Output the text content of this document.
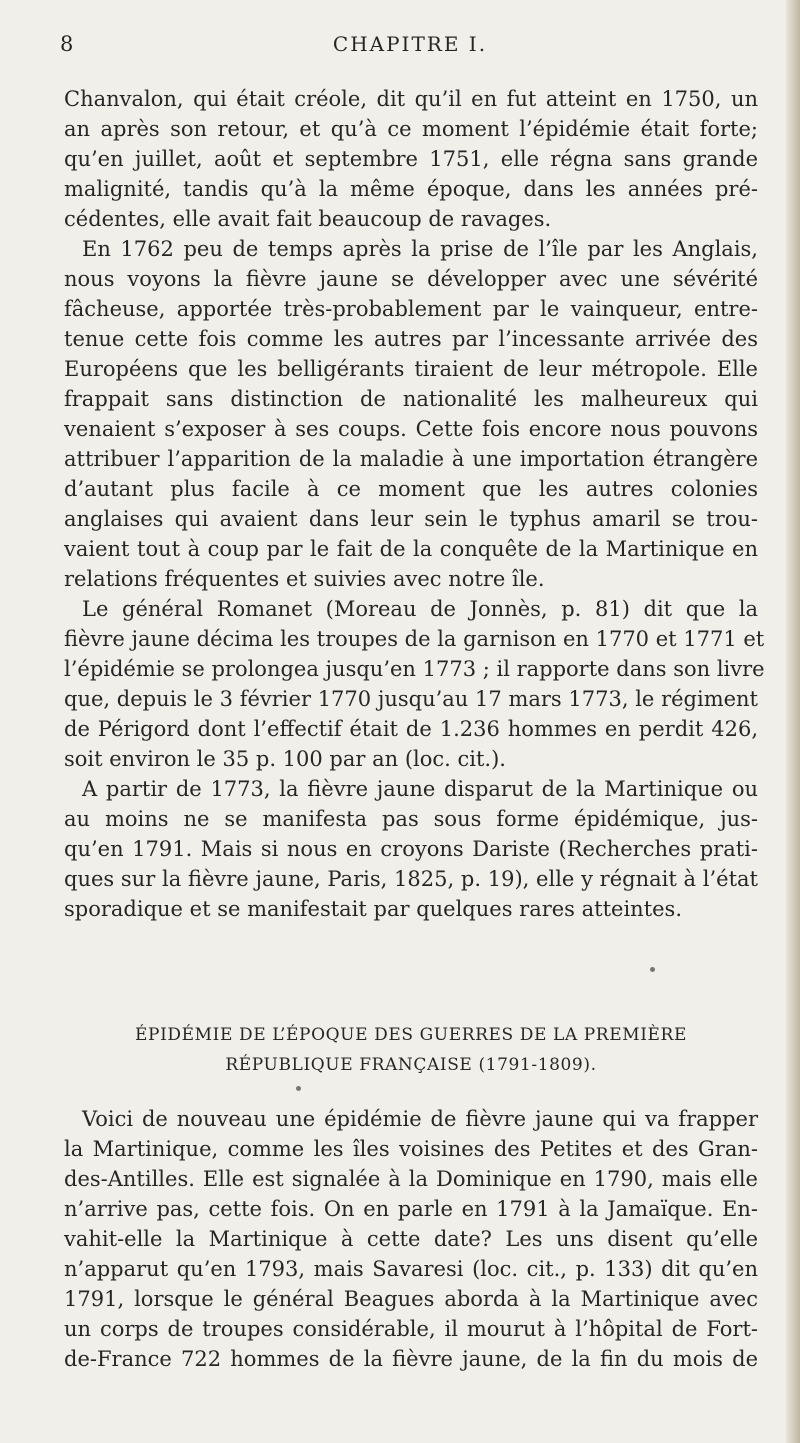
8	CHAPITRE I.
Chanvalon, qui était créole, dit qu’il en fut atteint en 1750, un
an après son retour, et qu’à ce moment l’épidémie était forte;
qu’en juillet, août et septembre 1751, elle régna sans grande
malignité, tandis qu’à la même époque, dans les années pré-
cédentes, elle avait fait beaucoup de ravages.
En 1762 peu de temps après la prise de l’île par les Anglais,
nous voyons la fièvre jaune se développer avec une sévérité
fâcheuse, apportée très-probablement par le vainqueur, entre-
tenue cette fois comme les autres par l’incessante arrivée des
Européens que les belligérants tiraient de leur métropole. Elle
frappait sans distinction de nationalité les malheureux qui
venaient s’exposer à ses coups. Cette fois encore nous pouvons
attribuer l’apparition de la maladie à une importation étrangère
d’autant plus facile à ce moment que les autres colonies
anglaises qui avaient dans leur sein le typhus amaril se trou-
vaient tout à coup par le fait de la conquête de la Martinique en
relations fréquentes et suivies avec notre île.
Le général Romanet (Moreau de Jonnès, p. 81) dit que la
fièvre jaune décima les troupes de la garnison en 1770 et 1771 et
l’épidémie se prolongea jusqu’en 1773 ; il rapporte dans son livre
que, depuis le 3 février 1770 jusqu’au 17 mars 1773, le régiment
de Périgord dont l’effectif était de 1.236 hommes en perdit 426,
soit environ le 35 p. 100 par an (loc. cit.).
A partir de 1773, la fièvre jaune disparut de la Martinique ou
au moins ne se manifesta pas sous forme épidémique, jus-
qu’en 1791. Mais si nous en croyons Dariste (Recherches prati-
ques sur la fièvre jaune, Paris, 1825, p. 19), elle y régnait à l’état
sporadique et se manifestait par quelques rares atteintes.
ÉPIDÉMIE DE L’ÉPOQUE DES GUERRES DE LA PREMIÈRE
RÉPUBLIQUE FRANÇAISE (1791-1809).
Voici de nouveau une épidémie de fièvre jaune qui va frapper
la Martinique, comme les îles voisines des Petites et des Gran-
des-Antilles. Elle est signalée à la Dominique en 1790, mais elle
n’arrive pas, cette fois. On en parle en 1791 à la Jamaïque. En-
vahit-elle la Martinique à cette date? Les uns disent qu’elle
n’apparut qu’en 1793, mais Savaresi (loc. cit., p. 133) dit qu’en
1791, lorsque le général Beagues aborda à la Martinique avec
un corps de troupes considérable, il mourut à l’hôpital de Fort-
de-France 722 hommes de la fièvre jaune, de la fin du mois de
